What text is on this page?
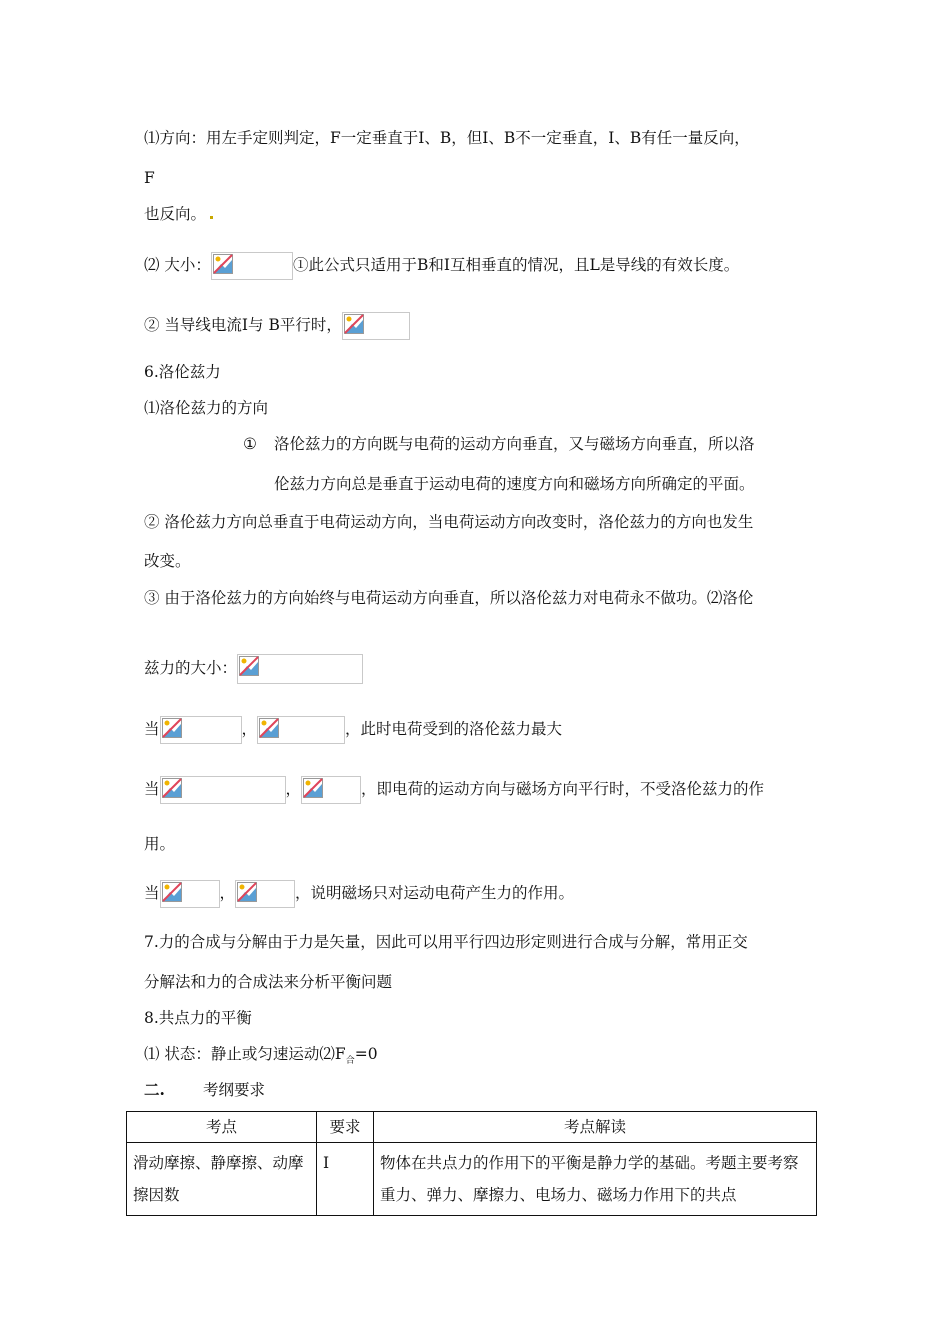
⑴方向：用左手定则判定，F一定垂直于I、B，但I、B不一定垂直，I、B有任一量反向，
F
也反向。
⑵ 大小：	①此公式只适用于B和I互相垂直的情况，且L是导线的有效长度。
② 当导线电流I与 B平行时，
6.洛伦兹力
⑴洛伦兹力的方向
① 洛伦兹力的方向既与电荷的运动方向垂直，又与磁场方向垂直，所以洛
伦兹力方向总是垂直于运动电荷的速度方向和磁场方向所确定的平面。
② 洛伦兹力方向总垂直于电荷运动方向，当电荷运动方向改变时，洛伦兹力的方向也发生
改变。
③ 由于洛伦兹力的方向始终与电荷运动方向垂直，所以洛伦兹力对电荷永不做功。⑵洛伦
兹力的大小：
当	，	，此时电荷受到的洛伦兹力最大
当	，	，即电荷的运动方向与磁场方向平行时，不受洛伦兹力的作
用。
当	，	，说明磁场只对运动电荷产生力的作用。
7.力的合成与分解由于力是矢量，因此可以用平行四边形定则进行合成与分解，常用正交
分解法和力的合成法来分析平衡问题
8.共点力的平衡
⑴ 状态：静止或匀速运动$⑵F_合=0$
二. 考纲要求
考点	要求	考点解读
滑动摩擦、静摩擦、动摩擦因数	Ⅰ	物体在共点力的作用下的平衡是静力学的基础。考题主要考察重力、弹力、摩擦力、电场力、磁场力作用下的共点
